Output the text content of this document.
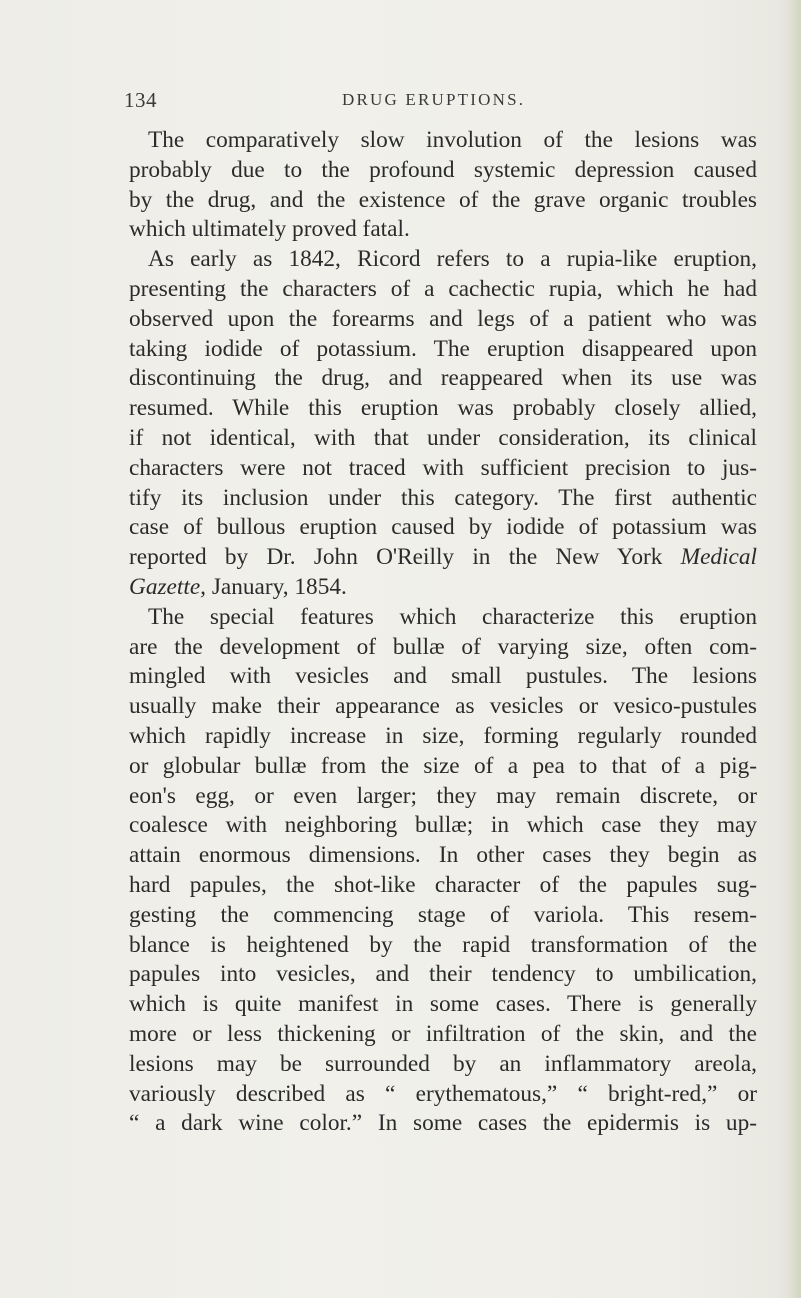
134	DRUG ERUPTIONS.
The comparatively slow involution of the lesions was
probably due to the profound systemic depression caused
by the drug, and the existence of the grave organic troubles
which ultimately proved fatal.
As early as 1842, Ricord refers to a rupia-like eruption,
presenting the characters of a cachectic rupia, which he had
observed upon the forearms and legs of a patient who was
taking iodide of potassium. The eruption disappeared upon
discontinuing the drug, and reappeared when its use was
resumed. While this eruption was probably closely allied,
if not identical, with that under consideration, its clinical
characters were not traced with sufficient precision to jus-
tify its inclusion under this category. The first authentic
case of bullous eruption caused by iodide of potassium was
reported by Dr. John O'Reilly in the New York Medical
Gazette, January, 1854.
The special features which characterize this eruption
are the development of bullæ of varying size, often com-
mingled with vesicles and small pustules. The lesions
usually make their appearance as vesicles or vesico-pustules
which rapidly increase in size, forming regularly rounded
or globular bullæ from the size of a pea to that of a pig-
eon's egg, or even larger; they may remain discrete, or
coalesce with neighboring bullæ; in which case they may
attain enormous dimensions. In other cases they begin as
hard papules, the shot-like character of the papules sug-
gesting the commencing stage of variola. This resem-
blance is heightened by the rapid transformation of the
papules into vesicles, and their tendency to umbilication,
which is quite manifest in some cases. There is generally
more or less thickening or infiltration of the skin, and the
lesions may be surrounded by an inflammatory areola,
variously described as “ erythematous,” “ bright-red,” or
“ a dark wine color.” In some cases the epidermis is up-
